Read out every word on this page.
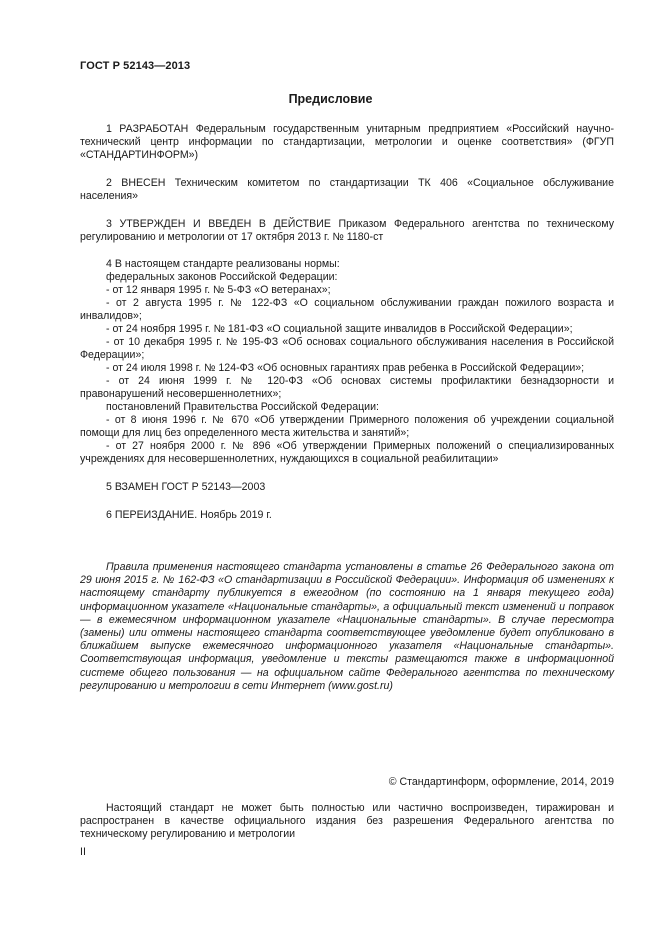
ГОСТ Р 52143—2013
Предисловие
1 РАЗРАБОТАН Федеральным государственным унитарным предприятием «Российский научно-технический центр информации по стандартизации, метрологии и оценке соответствия» (ФГУП «СТАНДАРТИНФОРМ»)
2 ВНЕСЕН Техническим комитетом по стандартизации ТК 406 «Социальное обслуживание населения»
3 УТВЕРЖДЕН И ВВЕДЕН В ДЕЙСТВИЕ Приказом Федерального агентства по техническому регулированию и метрологии от 17 октября 2013 г. № 1180-ст
4 В настоящем стандарте реализованы нормы:
федеральных законов Российской Федерации:
- от 12 января 1995 г. № 5-ФЗ «О ветеранах»;
- от 2 августа 1995 г. № 122-ФЗ «О социальном обслуживании граждан пожилого возраста и инвалидов»;
- от 24 ноября 1995 г. № 181-ФЗ «О социальной защите инвалидов в Российской Федерации»;
- от 10 декабря 1995 г. № 195-ФЗ «Об основах социального обслуживания населения в Российской Федерации»;
- от 24 июля 1998 г. № 124-ФЗ «Об основных гарантиях прав ребенка в Российской Федерации»;
- от 24 июня 1999 г. № 120-ФЗ «Об основах системы профилактики безнадзорности и правонарушений несовершеннолетних»;
постановлений Правительства Российской Федерации:
- от 8 июня 1996 г. № 670 «Об утверждении Примерного положения об учреждении социальной помощи для лиц без определенного места жительства и занятий»;
- от 27 ноября 2000 г. № 896 «Об утверждении Примерных положений о специализированных учреждениях для несовершеннолетних, нуждающихся в социальной реабилитации»
5 ВЗАМЕН ГОСТ Р 52143—2003
6 ПЕРЕИЗДАНИЕ. Ноябрь 2019 г.
Правила применения настоящего стандарта установлены в статье 26 Федерального закона от 29 июня 2015 г. № 162-ФЗ «О стандартизации в Российской Федерации». Информация об изменениях к настоящему стандарту публикуется в ежегодном (по состоянию на 1 января текущего года) информационном указателе «Национальные стандарты», а официальный текст изменений и поправок — в ежемесячном информационном указателе «Национальные стандарты». В случае пересмотра (замены) или отмены настоящего стандарта соответствующее уведомление будет опубликовано в ближайшем выпуске ежемесячного информационного указателя «Национальные стандарты». Соответствующая информация, уведомление и тексты размещаются также в информационной системе общего пользования — на официальном сайте Федерального агентства по техническому регулированию и метрологии в сети Интернет (www.gost.ru)
© Стандартинформ, оформление, 2014, 2019
Настоящий стандарт не может быть полностью или частично воспроизведен, тиражирован и распространен в качестве официального издания без разрешения Федерального агентства по техническому регулированию и метрологии
II
